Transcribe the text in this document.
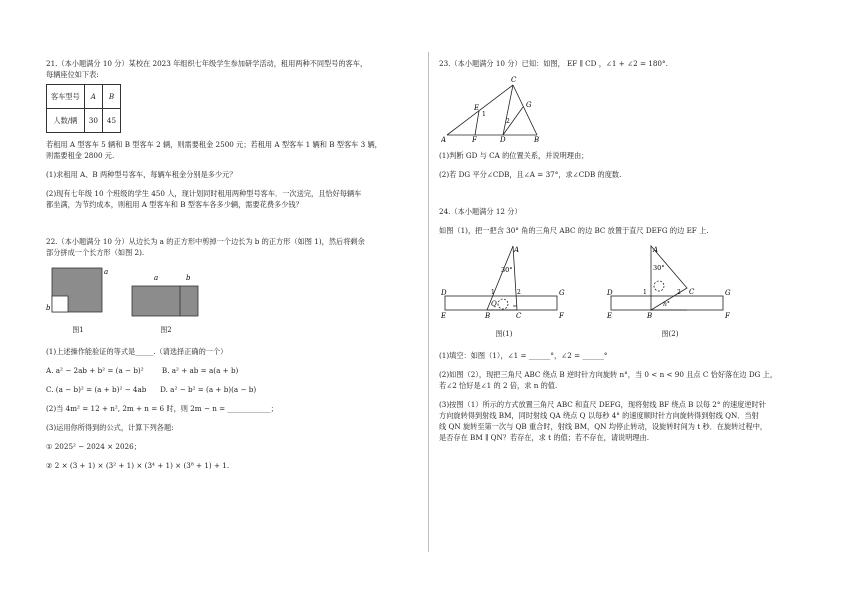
21.（本小题满分 10 分）某校在 2023 年组织七年级学生参加研学活动，租用两种不同型号的客车，

每辆座位如下表:

客车型号	A	B
人数/辆	30	45

若租用 A 型客车 5 辆和 B 型客车 2 辆，则需要租金 2500 元；若租用 A 型客车 1 辆和 B 型客车 3 辆，

则需要租金 2800 元.

(1)求租用 A、B 两种型号客车，每辆车租金分别是多少元？

(2)现有七年级 10 个班级的学生 450 人，现计划同时租用两种型号客车．一次送完，且恰好每辆车

都坐满，为节约成本，则租用 A 型客车和 B 型客车各多少辆，需要花费多少钱？

22.（本小题满分 10 分）从边长为 a 的正方形中剪掉一个边长为 b 的正方形（如图 1)，然后将剩余

部分拼成一个长方形（如图 2).

a
b
图1
a	b
图2

(1)上述操作能验证的等式是_____.（请选择正确的一个）

A. a² − 2ab + b² = (a − b)²	B. a² + ab = a(a + b)

C. (a − b)² = (a + b)² − 4ab D. a² − b² = (a + b)(a − b)

(2)当 4m² = 12 + n², 2m + n = 6 时，则 2m − n = ____________；

(3)运用你所得到的公式，计算下列各题:

① 2025² − 2024 × 2026；

② 2 × (3 + 1) × (3² + 1) × (3⁴ + 1) × (3⁸ + 1) + 1.

23.（本小题满分 10 分）已知：如图， EF ∥ CD ，∠1 + ∠2 = 180°.

C
E	G
A	F	D	B
1
2

(1)判断 GD 与 CA 的位置关系，并说明理由；

(2)若 DG 平分∠CDB，且∠A = 37°，求∠CDB 的度数.

24.（本小题满分 12 分）

如图（1)，把一把含 30° 角的三角尺 ABC 的边 BC 放置于直尺 DEFG 的边 EF 上.

A
30°
D	G
E	F
B	C
Q
1	2
图(1)
A
30°
D	G
E	F
B
C
n°
1	2
图(2)

(1)填空：如图（1），∠1 = ______°，∠2 = ______°

(2)如图（2），现把三角尺 ABC 绕点 B 逆时针方向旋转 n°，当 0 < n < 90 且点 C 恰好落在边 DG 上，

若∠2 恰好是∠1 的 2 倍，求 n 的值.

(3)按图（1）所示的方式放置三角尺 ABC 和直尺 DEFG，现将射线 BF 绕点 B 以每 2° 的速度逆时针

方向旋转得到射线 BM，同时射线 QA 绕点 Q 以每秒 4° 的速度顺时针方向旋转得到射线 QN．当射

线 QN 旋转至第一次与 QB 重合时，射线 BM，QN 均停止转动，设旋转时间为 t 秒．在旋转过程中，

是否存在 BM ∥ QN？若存在，求 t 的值；若不存在，请说明理由.
